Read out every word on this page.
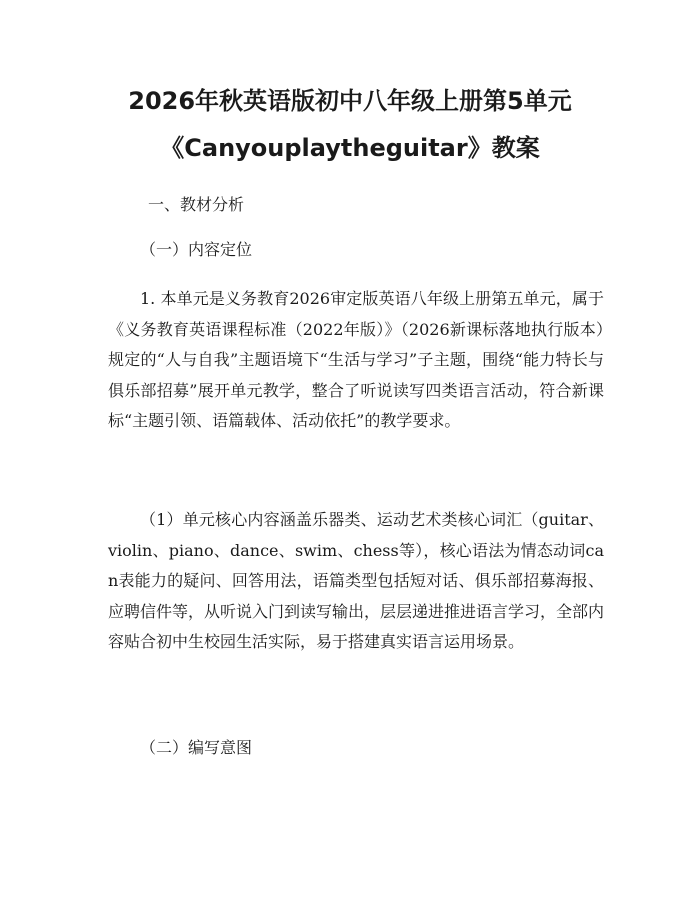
2026年秋英语版初中八年级上册第5单元
《Canyouplaytheguitar》教案
一、教材分析
（一）内容定位
1. 本单元是义务教育2026审定版英语八年级上册第五单元，属于《义务教育英语课程标准（2022年版）》（2026新课标落地执行版本）规定的“人与自我”主题语境下“生活与学习”子主题，围绕“能力特长与俱乐部招募”展开单元教学，整合了听说读写四类语言活动，符合新课标“主题引领、语篇载体、活动依托”的教学要求。
（1）单元核心内容涵盖乐器类、运动艺术类核心词汇（guitar、violin、piano、dance、swim、chess等），核心语法为情态动词can表能力的疑问、回答用法，语篇类型包括短对话、俱乐部招募海报、应聘信件等，从听说入门到读写输出，层层递进推进语言学习，全部内容贴合初中生校园生活实际，易于搭建真实语言运用场景。
（二）编写意图
